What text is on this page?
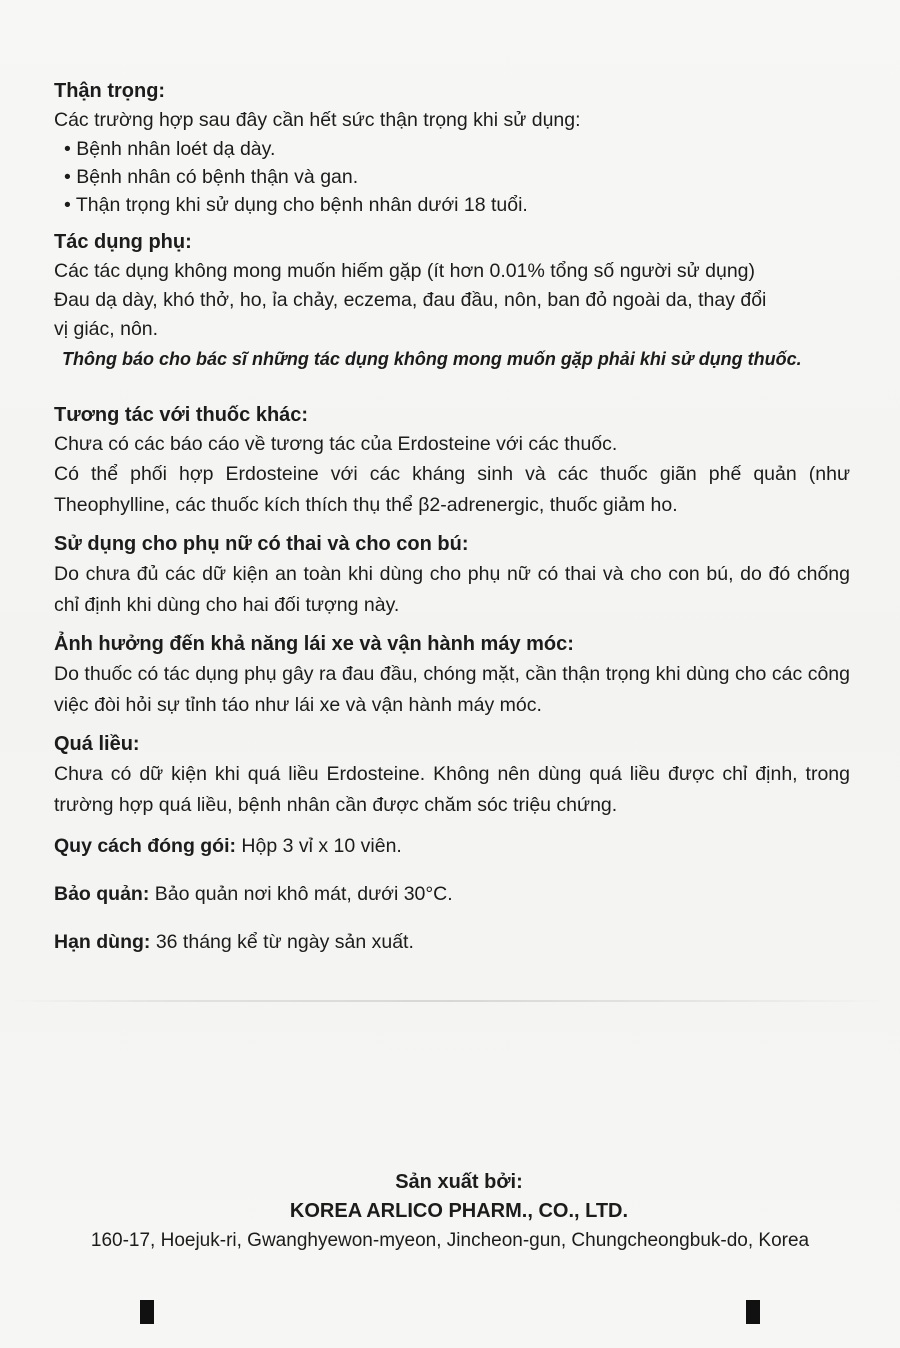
Thận trọng:

Các trường hợp sau đây cần hết sức thận trọng khi sử dụng:

• Bệnh nhân loét dạ dày.

• Bệnh nhân có bệnh thận và gan.

• Thận trọng khi sử dụng cho bệnh nhân dưới 18 tuổi.

Tác dụng phụ:

Các tác dụng không mong muốn hiếm gặp (ít hơn 0.01% tổng số người sử dụng)

Đau dạ dày, khó thở, ho, ỉa chảy, eczema, đau đầu, nôn, ban đỏ ngoài da, thay đổi

vị giác, nôn.

Thông báo cho bác sĩ những tác dụng không mong muốn gặp phải khi sử dụng thuốc.

Tương tác với thuốc khác:

Chưa có các báo cáo về tương tác của Erdosteine với các thuốc.

Có thể phối hợp Erdosteine với các kháng sinh và các thuốc giãn phế quản (như Theophylline, các thuốc kích thích thụ thể β2-adrenergic, thuốc giảm ho.

Sử dụng cho phụ nữ có thai và cho con bú:

Do chưa đủ các dữ kiện an toàn khi dùng cho phụ nữ có thai và cho con bú, do đó chống chỉ định khi dùng cho hai đối tượng này.

Ảnh hưởng đến khả năng lái xe và vận hành máy móc:

Do thuốc có tác dụng phụ gây ra đau đầu, chóng mặt, cần thận trọng khi dùng cho các công việc đòi hỏi sự tỉnh táo như lái xe và vận hành máy móc.

Quá liều:

Chưa có dữ kiện khi quá liều Erdosteine. Không nên dùng quá liều được chỉ định, trong trường hợp quá liều, bệnh nhân cần được chăm sóc triệu chứng.

Quy cách đóng gói: Hộp 3 vỉ x 10 viên.

Bảo quản: Bảo quản nơi khô mát, dưới 30°C.

Hạn dùng: 36 tháng kể từ ngày sản xuất.

Sản xuất bởi:

KOREA ARLICO PHARM., CO., LTD.

160-17, Hoejuk-ri, Gwanghyewon-myeon, Jincheon-gun, Chungcheongbuk-do, Korea
